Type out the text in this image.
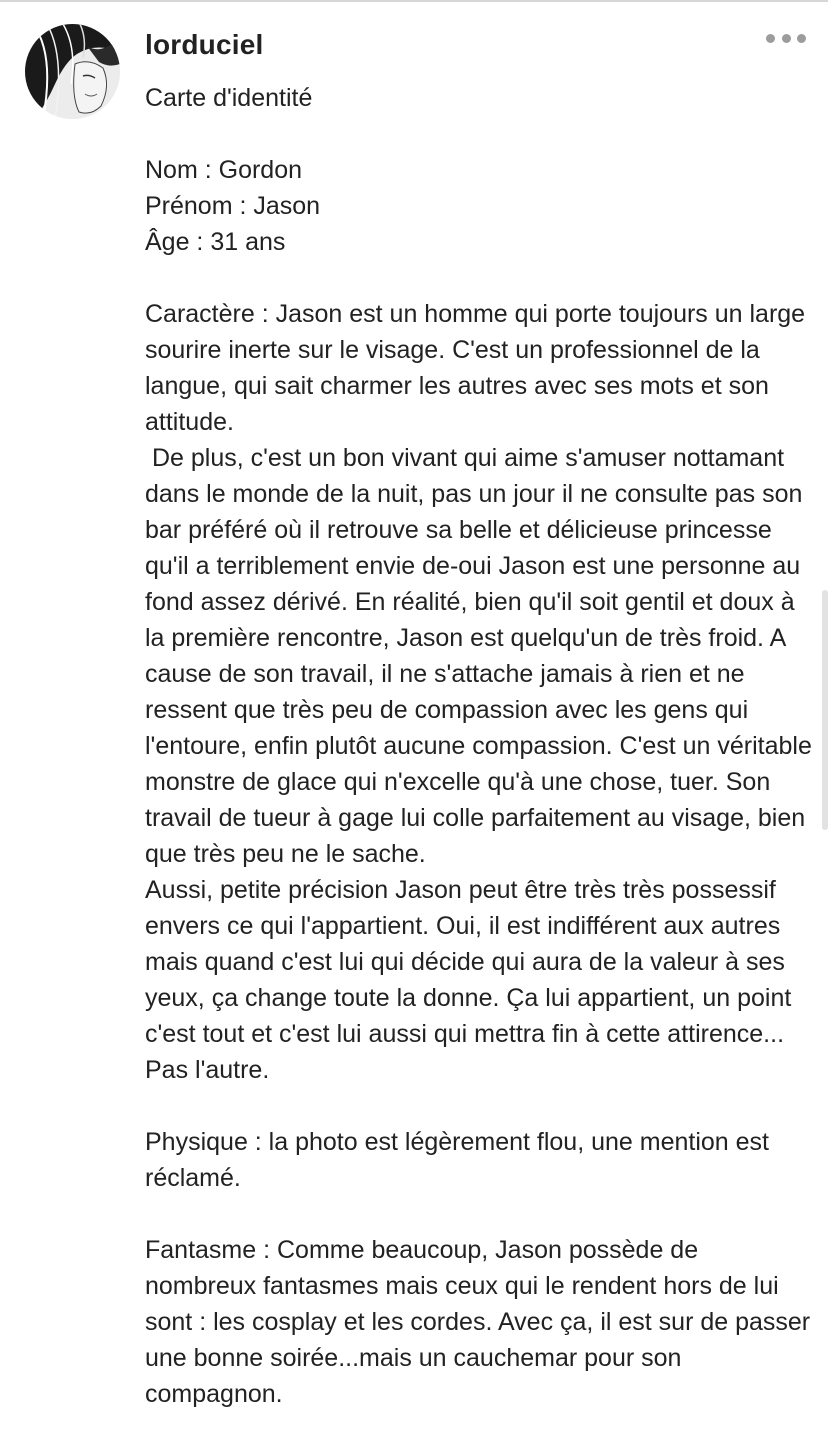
lorduciel

Carte d'identité

Nom : Gordon

Prénom : Jason

Âge : 31 ans

Caractère : Jason est un homme qui porte toujours un large sourire inerte sur le visage. C'est un professionnel de la langue, qui sait charmer les autres avec ses mots et son attitude.

De plus, c'est un bon vivant qui aime s'amuser nottamant dans le monde de la nuit, pas un jour il ne consulte pas son bar préféré où il retrouve sa belle et délicieuse princesse qu'il a terriblement envie de-oui Jason est une personne au fond assez dérivé. En réalité, bien qu'il soit gentil et doux à la première rencontre, Jason est quelqu'un de très froid. A cause de son travail, il ne s'attache jamais à rien et ne ressent que très peu de compassion avec les gens qui l'entoure, enfin plutôt aucune compassion. C'est un véritable monstre de glace qui n'excelle qu'à une chose, tuer. Son travail de tueur à gage lui colle parfaitement au visage, bien que très peu ne le sache.

Aussi, petite précision Jason peut être très très possessif envers ce qui l'appartient. Oui, il est indifférent aux autres mais quand c'est lui qui décide qui aura de la valeur à ses yeux, ça change toute la donne. Ça lui appartient, un point c'est tout et c'est lui aussi qui mettra fin à cette attirence... Pas l'autre.

Physique : la photo est légèrement flou, une mention est réclamé.

Fantasme : Comme beaucoup, Jason possède de nombreux fantasmes mais ceux qui le rendent hors de lui sont : les cosplay et les cordes. Avec ça, il est sur de passer une bonne soirée...mais un cauchemar pour son compagnon.
